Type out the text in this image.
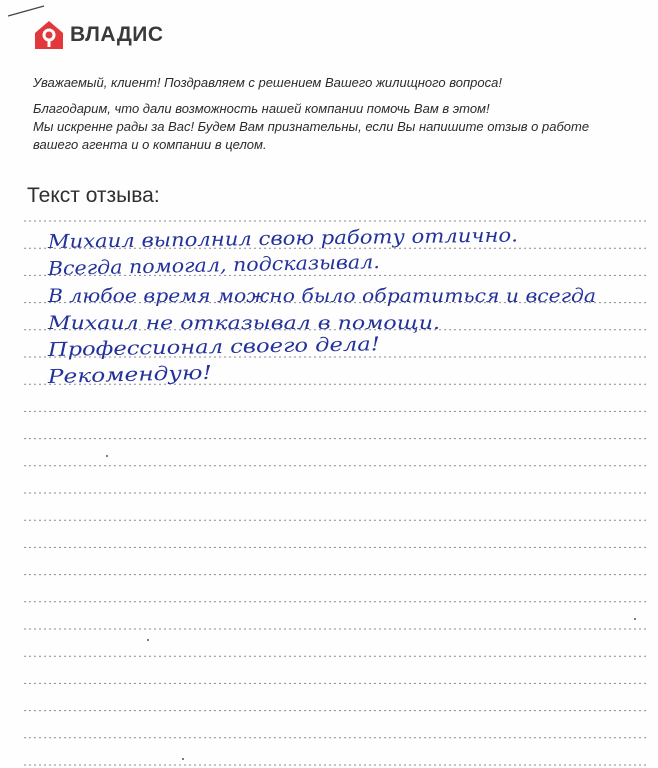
ВЛАДИС

Уважаемый, клиент! Поздравляем с решением Вашего жилищного вопроса!

Благодарим, что дали возможность нашей компании помочь Вам в этом!

Мы искренне рады за Вас! Будем Вам признательны, если Вы напишите отзыв о работе

вашего агента и о компании в целом.

Текст отзыва:
Михаил выполнил свою работу отлично.
Всегда помогал, подсказывал.
В любое время можно было обратиться и всегда
Михаил не отказывал в помощи.
Профессионал своего дела!
Рекомендую!
